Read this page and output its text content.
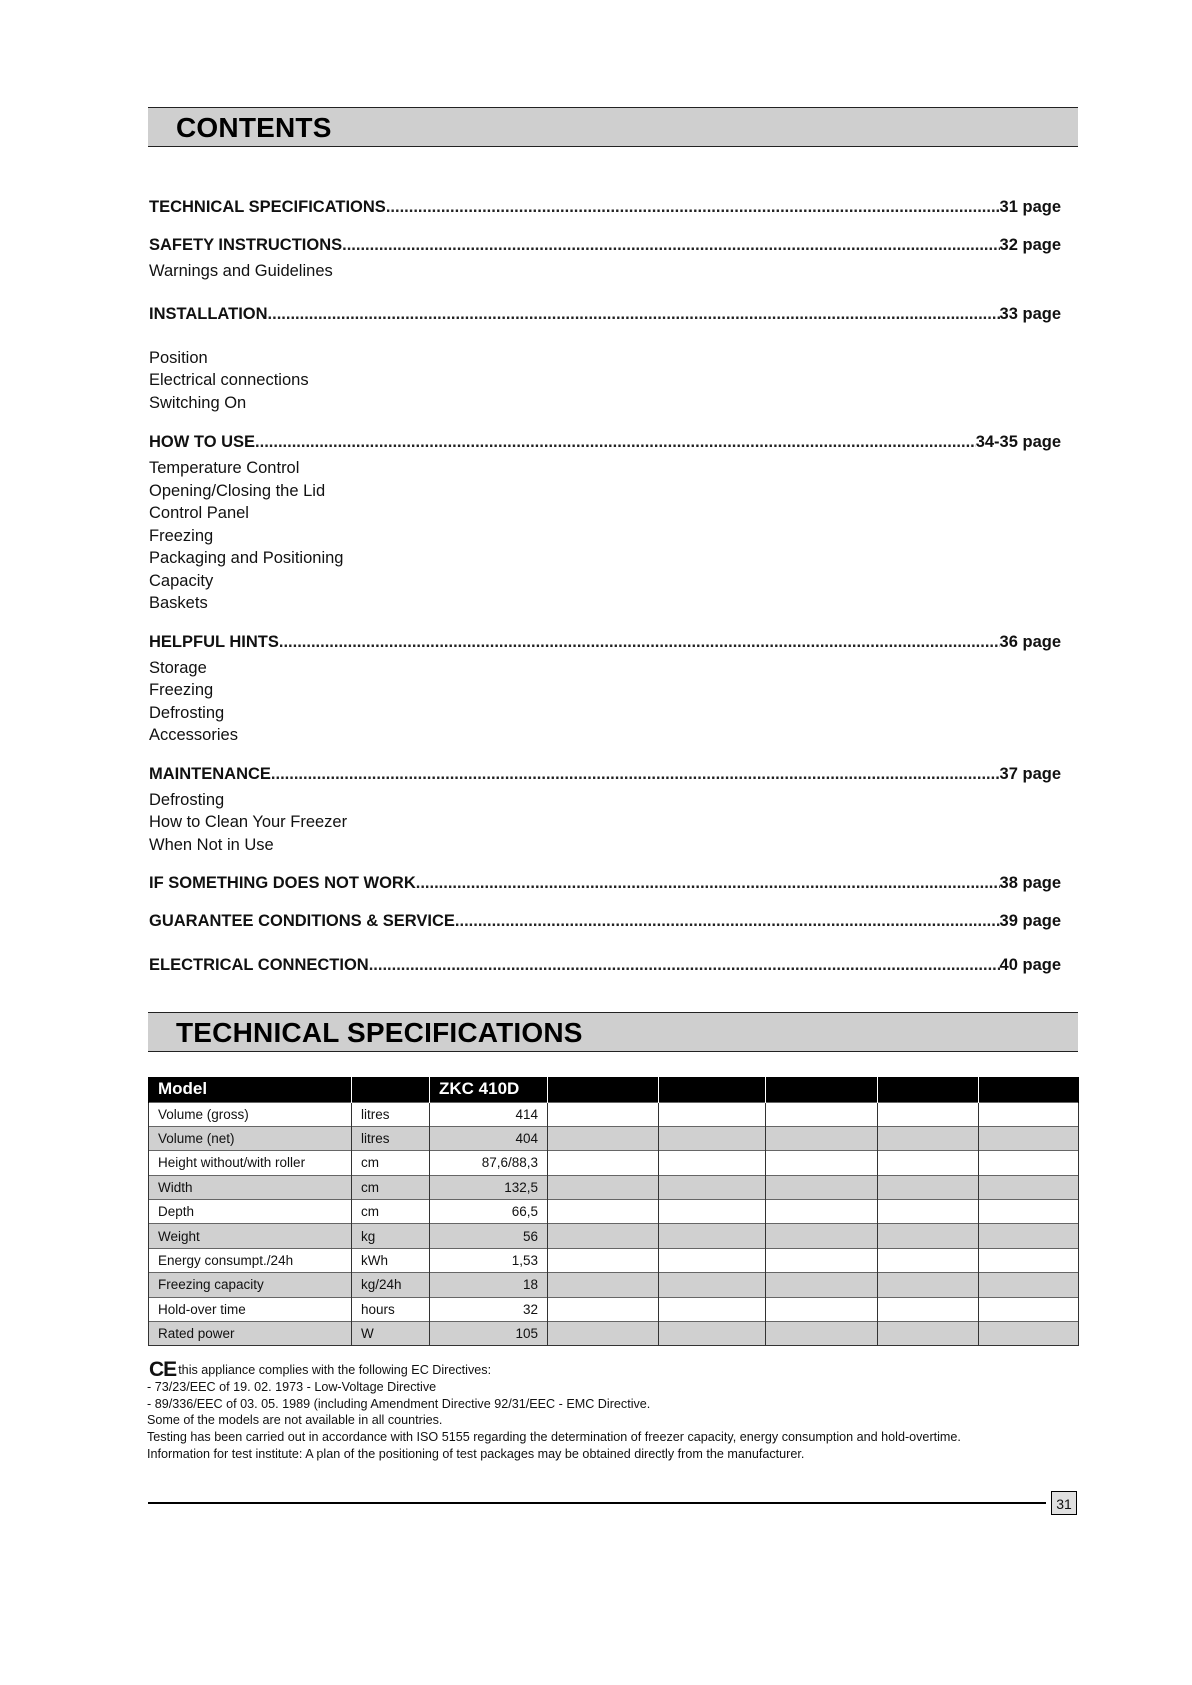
CONTENTS
TECHNICAL SPECIFICATIONS .....	31 page
SAFETY INSTRUCTIONS .....	32 page
Warnings and Guidelines
INSTALLATION .....	33 page
Position
Electrical connections
Switching On
HOW TO USE .....	34-35 page
Temperature Control
Opening/Closing the Lid
Control Panel
Freezing
Packaging and Positioning
Capacity
Baskets
HELPFUL HINTS .....	36 page
Storage
Freezing
Defrosting
Accessories
MAINTENANCE .....	37 page
Defrosting
How to Clean Your Freezer
When Not in Use
IF SOMETHING DOES NOT WORK .....	38 page
GUARANTEE CONDITIONS & SERVICE .....	39 page
ELECTRICAL CONNECTION .....	40 page
TECHNICAL SPECIFICATIONS
Model		ZKC 410D					
Volume (gross)	litres	414					
Volume (net)	litres	404					
Height without/with roller	cm	87,6/88,3					
Width	cm	132,5					
Depth	cm	66,5					
Weight	kg	56					
Energy consumpt./24h	kWh	1,53					
Freezing capacity	kg/24h	18					
Hold-over time	hours	32					
Rated power	W	105					
CE this appliance complies with the following EC Directives:
- 73/23/EEC of 19. 02. 1973 - Low-Voltage Directive
- 89/336/EEC of 03. 05. 1989 (including Amendment Directive 92/31/EEC - EMC Directive.
Some of the models are not available in all countries.
Testing has been carried out in accordance with ISO 5155 regarding the determination of freezer capacity, energy consumption and hold-overtime.
Information for test institute: A plan of the positioning of test packages may be obtained directly from the manufacturer.
31
